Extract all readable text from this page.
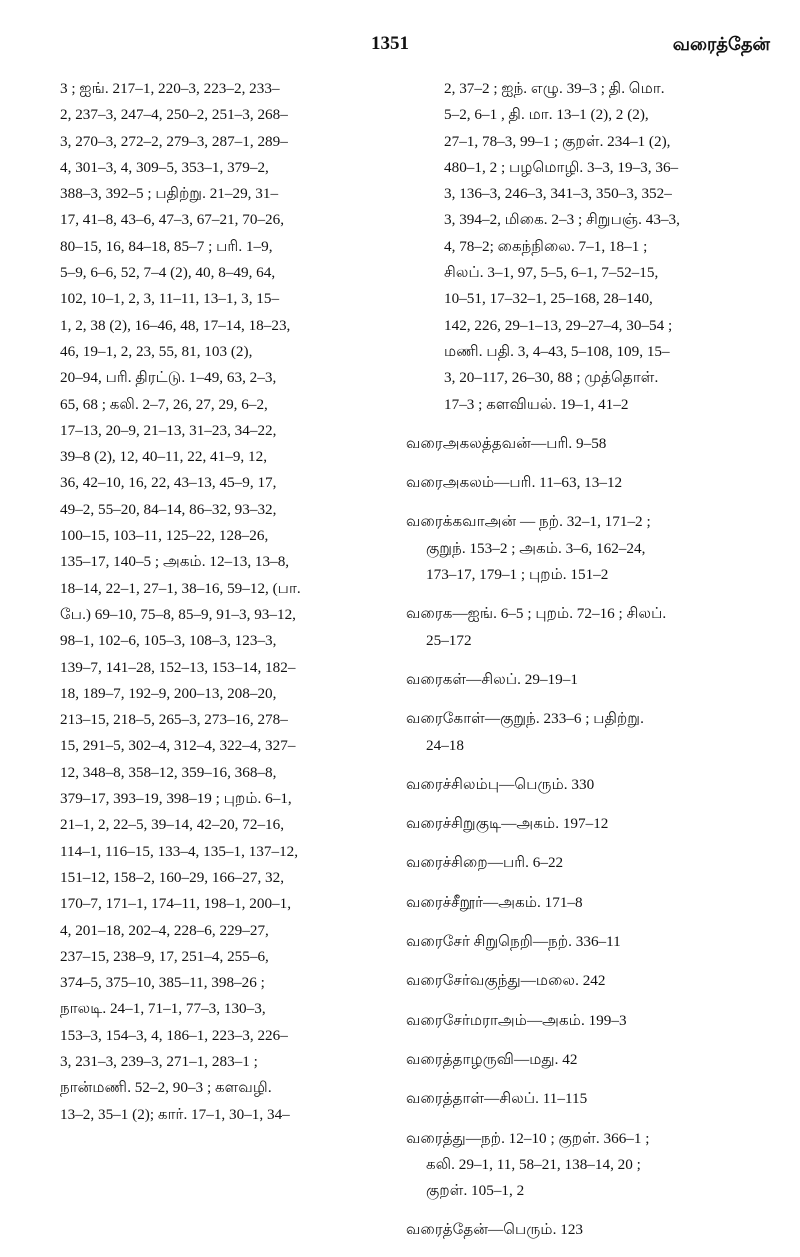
1351	வரைத்தேன்
3 ; ஐங். 217–1, 220–3, 223–2, 233–
2, 237–3, 247–4, 250–2, 251–3, 268–
3, 270–3, 272–2, 279–3, 287–1, 289–
4, 301–3, 4, 309–5, 353–1, 379–2,
388–3, 392–5 ; பதிற்று. 21–29, 31–
17, 41–8, 43–6, 47–3, 67–21, 70–26,
80–15, 16, 84–18, 85–7 ; பரி. 1–9,
5–9, 6–6, 52, 7–4 (2), 40, 8–49, 64,
102, 10–1, 2, 3, 11–11, 13–1, 3, 15–
1, 2, 38 (2), 16–46, 48, 17–14, 18–23,
46, 19–1, 2, 23, 55, 81, 103 (2),
20–94, பரி. திரட்டு. 1–49, 63, 2–3,
65, 68 ; கலி. 2–7, 26, 27, 29, 6–2,
17–13, 20–9, 21–13, 31–23, 34–22,
39–8 (2), 12, 40–11, 22, 41–9, 12,
36, 42–10, 16, 22, 43–13, 45–9, 17,
49–2, 55–20, 84–14, 86–32, 93–32,
100–15, 103–11, 125–22, 128–26,
135–17, 140–5 ; அகம். 12–13, 13–8,
18–14, 22–1, 27–1, 38–16, 59–12, (பா.
பே.) 69–10, 75–8, 85–9, 91–3, 93–12,
98–1, 102–6, 105–3, 108–3, 123–3,
139–7, 141–28, 152–13, 153–14, 182–
18, 189–7, 192–9, 200–13, 208–20,
213–15, 218–5, 265–3, 273–16, 278–
15, 291–5, 302–4, 312–4, 322–4, 327–
12, 348–8, 358–12, 359–16, 368–8,
379–17, 393–19, 398–19 ; புறம். 6–1,
21–1, 2, 22–5, 39–14, 42–20, 72–16,
114–1, 116–15, 133–4, 135–1, 137–12,
151–12, 158–2, 160–29, 166–27, 32,
170–7, 171–1, 174–11, 198–1, 200–1,
4, 201–18, 202–4, 228–6, 229–27,
237–15, 238–9, 17, 251–4, 255–6,
374–5, 375–10, 385–11, 398–26 ;
நாலடி. 24–1, 71–1, 77–3, 130–3,
153–3, 154–3, 4, 186–1, 223–3, 226–
3, 231–3, 239–3, 271–1, 283–1 ;
நான்மணி. 52–2, 90–3 ; களவழி.
13–2, 35–1 (2); கார். 17–1, 30–1, 34–
2, 37–2 ; ஐந். எழு. 39–3 ; தி. மொ.
5–2, 6–1 , தி. மா. 13–1 (2), 2 (2),
27–1, 78–3, 99–1 ; குறள். 234–1 (2),
480–1, 2 ; பழமொழி. 3–3, 19–3, 36–
3, 136–3, 246–3, 341–3, 350–3, 352–
3, 394–2, மிகை. 2–3 ; சிறுபஞ். 43–3,
4, 78–2; கைந்நிலை. 7–1, 18–1 ;
சிலப். 3–1, 97, 5–5, 6–1, 7–52–15,
10–51, 17–32–1, 25–168, 28–140,
142, 226, 29–1–13, 29–27–4, 30–54 ;
மணி. பதி. 3, 4–43, 5–108, 109, 15–
3, 20–117, 26–30, 88 ; முத்தொள்.
17–3 ; களவியல். 19–1, 41–2
வரைஅகலத்தவன்—பரி. 9–58
வரைஅகலம்—பரி. 11–63, 13–12
வரைக்கவாஅன் — நற். 32–1, 171–2 ;
குறுந். 153–2 ; அகம். 3–6, 162–24,
173–17, 179–1 ; புறம். 151–2
வரைக—ஐங். 6–5 ; புறம். 72–16 ; சிலப்.
25–172
வரைகள்—சிலப். 29–19–1
வரைகோள்—குறுந். 233–6 ; பதிற்று.
24–18
வரைச்சிலம்பு—பெரும். 330
வரைச்சிறுகுடி—அகம். 197–12
வரைச்சிறை—பரி. 6–22
வரைச்சீறூர்—அகம். 171–8
வரைசேர் சிறுநெறி—நற். 336–11
வரைசேர்வகுந்து—மலை. 242
வரைசேர்மராஅம்—அகம். 199–3
வரைத்தாழருவி—மது. 42
வரைத்தாள்—சிலப். 11–115
வரைத்து—நற். 12–10 ; குறள். 366–1 ;
கலி. 29–1, 11, 58–21, 138–14, 20 ;
குறள். 105–1, 2
வரைத்தேன்—பெரும். 123
